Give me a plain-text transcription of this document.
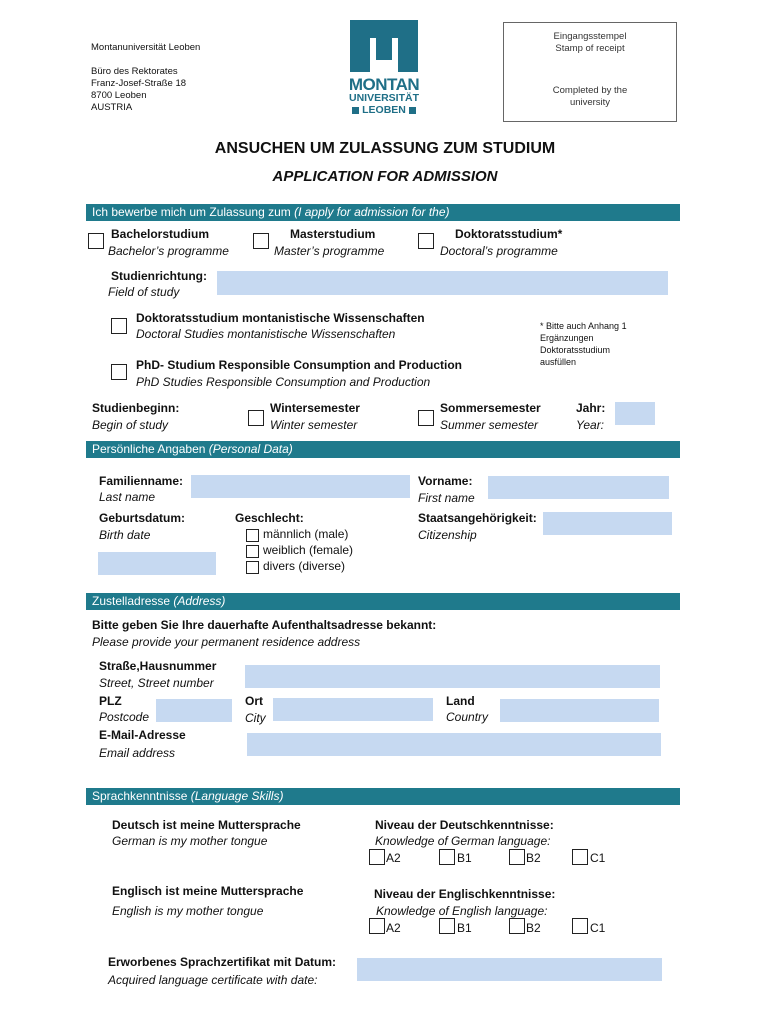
Montanuniversität Leoben
Büro des Rektorates
Franz-Josef-Straße 18
8700 Leoben
AUSTRIA
MONTAN
UNIVERSITÄT
LEOBEN
Eingangsstempel
Stamp of receipt
Completed by the
university
ANSUCHEN UM ZULASSUNG ZUM STUDIUM
APPLICATION FOR ADMISSION
Ich bewerbe mich um Zulassung zum (I apply for admission for the)
Bachelorstudium
Bachelor’s programme
Masterstudium
Master’s programme
Doktoratsstudium*
Doctoral’s programme
Studienrichtung:
Field of study
Doktoratsstudium montanistische Wissenschaften
Doctoral Studies montanistische Wissenschaften
* Bitte auch Anhang 1
Ergänzungen
Doktoratsstudium
ausfüllen
PhD- Studium Responsible Consumption and Production
PhD Studies Responsible Consumption and Production
Studienbeginn:
Begin of study
Wintersemester
Winter semester
Sommersemester
Summer semester
Jahr:
Year:
Persönliche Angaben (Personal Data)
Familienname:
Last name
Vorname:
First name
Geburtsdatum:
Birth date
Geschlecht:
männlich (male)
weiblich (female)
divers (diverse)
Staatsangehörigkeit:
Citizenship
Zustelladresse (Address)
Bitte geben Sie Ihre dauerhafte Aufenthaltsadresse bekannt:
Please provide your permanent residence address
Straße,Hausnummer
Street, Street number
PLZ
Postcode
Ort
City
Land
Country
E-Mail-Adresse
Email address
Sprachkenntnisse (Language Skills)
Deutsch ist meine Muttersprache
German is my mother tongue
Niveau der Deutschkenntnisse:
Knowledge of German language:
A2	B1	B2	C1
Englisch ist meine Muttersprache
English is my mother tongue
Niveau der Englischkenntnisse:
Knowledge of English language:
A2	B1	B2	C1
Erworbenes Sprachzertifikat mit Datum:
Acquired language certificate with date:
